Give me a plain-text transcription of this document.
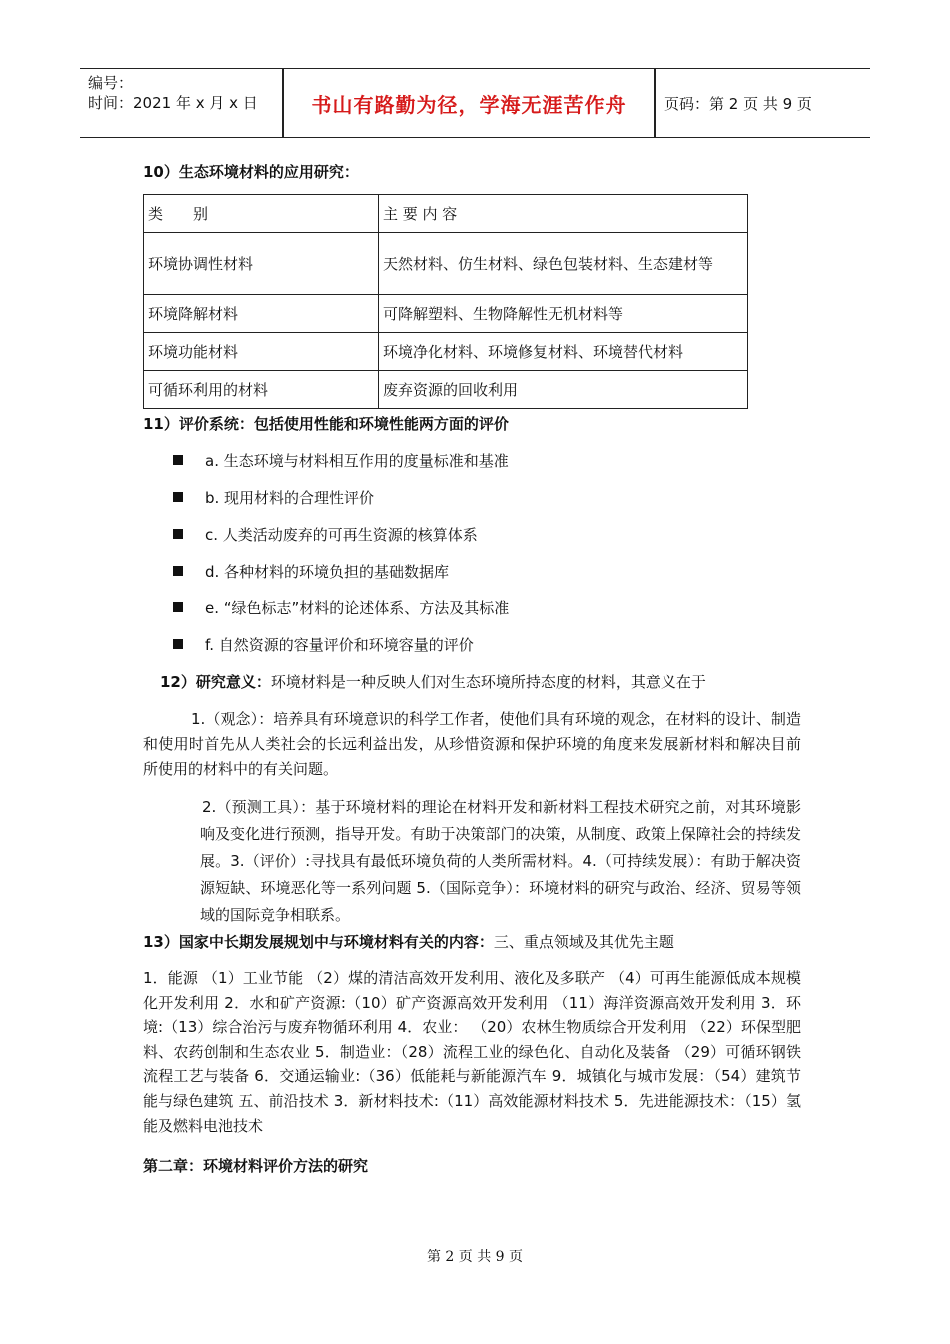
编号：
时间：2021 年 x 月 x 日	书山有路勤为径，学海无涯苦作舟	页码：第 2 页 共 9 页
10）生态环境材料的应用研究：
类　　别	主 要 内 容
环境协调性材料	天然材料、仿生材料、绿色包装材料、生态建材等
环境降解材料	可降解塑料、生物降解性无机材料等
环境功能材料	环境净化材料、环境修复材料、环境替代材料
可循环利用的材料	废弃资源的回收利用
11）评价系统：包括使用性能和环境性能两方面的评价
a. 生态环境与材料相互作用的度量标准和基准
b. 现用材料的合理性评价
c. 人类活动废弃的可再生资源的核算体系
d. 各种材料的环境负担的基础数据库
e. “绿色标志”材料的论述体系、方法及其标准
f. 自然资源的容量评价和环境容量的评价
12）研究意义：环境材料是一种反映人们对生态环境所持态度的材料，其意义在于
1.（观念）：培养具有环境意识的科学工作者，使他们具有环境的观念，在材料的设计、制造和使用时首先从人类社会的长远利益出发，从珍惜资源和保护环境的角度来发展新材料和解决目前所使用的材料中的有关问题。
2.（预测工具）：基于环境材料的理论在材料开发和新材料工程技术研究之前，对其环境影响及变化进行预测，指导开发。有助于决策部门的决策，从制度、政策上保障社会的持续发展。3.（评价）:寻找具有最低环境负荷的人类所需材料。4.（可持续发展）：有助于解决资源短缺、环境恶化等一系列问题 5.（国际竞争）：环境材料的研究与政治、经济、贸易等领域的国际竞争相联系。
13）国家中长期发展规划中与环境材料有关的内容：三、重点领域及其优先主题
1．能源 （1）工业节能 （2）煤的清洁高效开发利用、液化及多联产 （4）可再生能源低成本规模化开发利用 2．水和矿产资源:（10）矿产资源高效开发利用 （11）海洋资源高效开发利用 3．环境:（13）综合治污与废弃物循环利用 4．农业： （20）农林生物质综合开发利用 （22）环保型肥料、农药创制和生态农业 5．制造业：（28）流程工业的绿色化、自动化及装备 （29）可循环钢铁流程工艺与装备 6．交通运输业:（36）低能耗与新能源汽车 9．城镇化与城市发展：（54）建筑节能与绿色建筑 五、前沿技术 3．新材料技术:（11）高效能源材料技术 5．先进能源技术：（15）氢能及燃料电池技术
第二章：环境材料评价方法的研究
第 2 页 共 9 页
